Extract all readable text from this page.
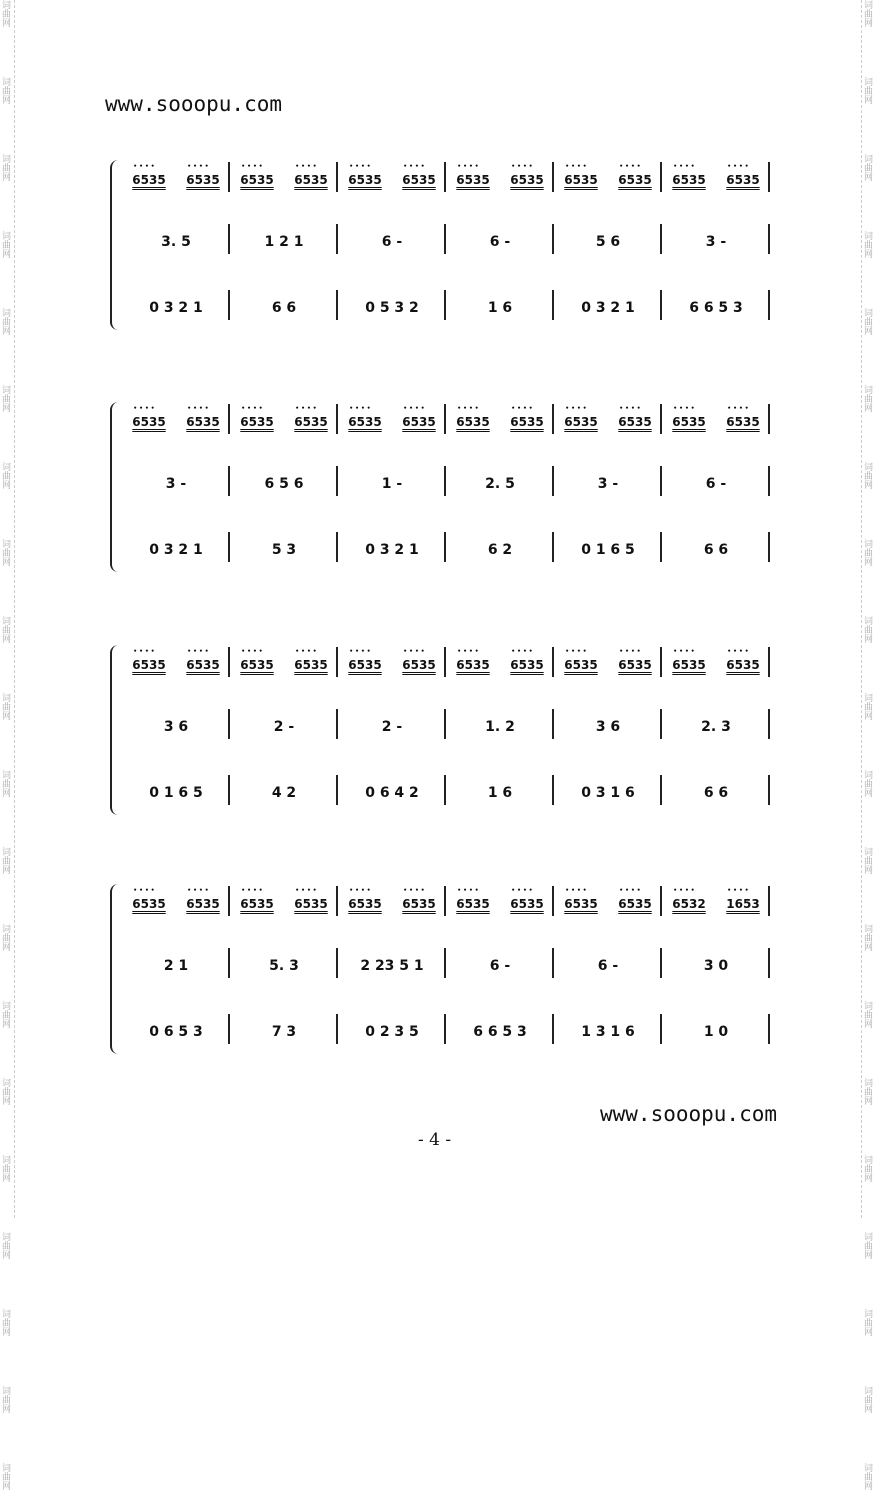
词曲网
词曲网
词曲网
词曲网
词曲网
词曲网
词曲网
词曲网
词曲网
词曲网
词曲网
词曲网
词曲网
词曲网
词曲网
词曲网
词曲网
词曲网
词曲网
词曲网
词曲网
词曲网
词曲网
词曲网
词曲网
词曲网
词曲网
词曲网
词曲网
词曲网
词曲网
词曲网
词曲网
词曲网
词曲网
词曲网
词曲网
词曲网
词曲网
词曲网
www.sooopu.com
•••• 6535 •••• 6535 •••• 6535 •••• 6535 •••• 6535 •••• 6535 •••• 6535 •••• 6535 •••• 6535 •••• 6535 •••• 6535 •••• 6535
3. 5	1 2 1	6 -	6 -	5 6	3 -
0 3 2 1	6 6	0 5 3 2	1 6	0 3 2 1	6 6 5 3
•••• 6535 •••• 6535 •••• 6535 •••• 6535 •••• 6535 •••• 6535 •••• 6535 •••• 6535 •••• 6535 •••• 6535 •••• 6535 •••• 6535
3 -	6 5 6	1 -	2. 5	3 -	6 -
0 3 2 1	5 3	0 3 2 1	6 2	0 1 6 5	6 6
•••• 6535 •••• 6535 •••• 6535 •••• 6535 •••• 6535 •••• 6535 •••• 6535 •••• 6535 •••• 6535 •••• 6535 •••• 6535 •••• 6535
3 6	2 -	2 -	1. 2	3 6	2. 3
0 1 6 5	4 2	0 6 4 2	1 6	0 3 1 6	6 6
•••• 6535 •••• 6535 •••• 6535 •••• 6535 •••• 6535 •••• 6535 •••• 6535 •••• 6535 •••• 6535 •••• 6535 •••• 6532 •••• 1653
2 1	5. 3	2 23 5 1	6 -	6 -	3 0
0 6 5 3	7 3	0 2 3 5	6 6 5 3	1 3 1 6	1 0
www.sooopu.com
- 4 -
